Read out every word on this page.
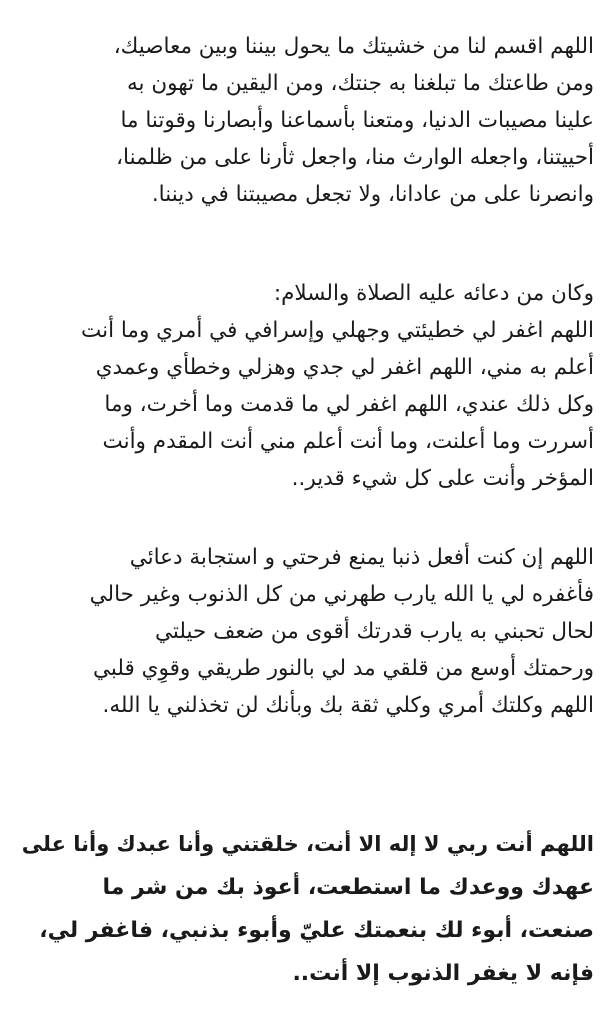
اللهم اقسم لنا من خشيتك ما يحول بيننا وبين معاصيك،
ومن طاعتك ما تبلغنا به جنتك، ومن اليقين ما تهون به
علينا مصيبات الدنيا، ومتعنا بأسماعنا وأبصارنا وقوتنا ما
أحييتنا، واجعله الوارث منا، واجعل ثأرنا على من ظلمنا،
وانصرنا على من عادانا، ولا تجعل مصيبتنا في ديننا.

وكان من دعائه عليه الصلاة والسلام:
اللهم اغفر لي خطيئتي وجهلي وإسرافي في أمري وما أنت
أعلم به مني، اللهم اغفر لي جدي وهزلي وخطأي وعمدي
وكل ذلك عندي، اللهم اغفر لي ما قدمت وما أخرت، وما
أسررت وما أعلنت، وما أنت أعلم مني أنت المقدم وأنت
المؤخر وأنت على كل شيء قدير..

اللهم إن كنت أفعل ذنبا يمنع فرحتي و استجابة دعائي
فأغفره لي يا الله يارب طهرني من كل الذنوب وغير حالي
لحال تحبني به يارب قدرتك أقوى من ضعف حيلتي
ورحمتك أوسع من قلقي مد لي بالنور طريقي وقوِي قلبي
اللهم وكلتك أمري وكلي ثقة بك وبأنك لن تخذلني يا الله.

اللهم أنت ربي لا إله الا أنت، خلقتني وأنا عبدك وأنا على
عهدك ووعدك ما استطعت، أعوذ بك من شر ما
صنعت، أبوء لك بنعمتك عليّ وأبوء بذنبي، فاغفر لي،
فإنه لا يغفر الذنوب إلا أنت..
